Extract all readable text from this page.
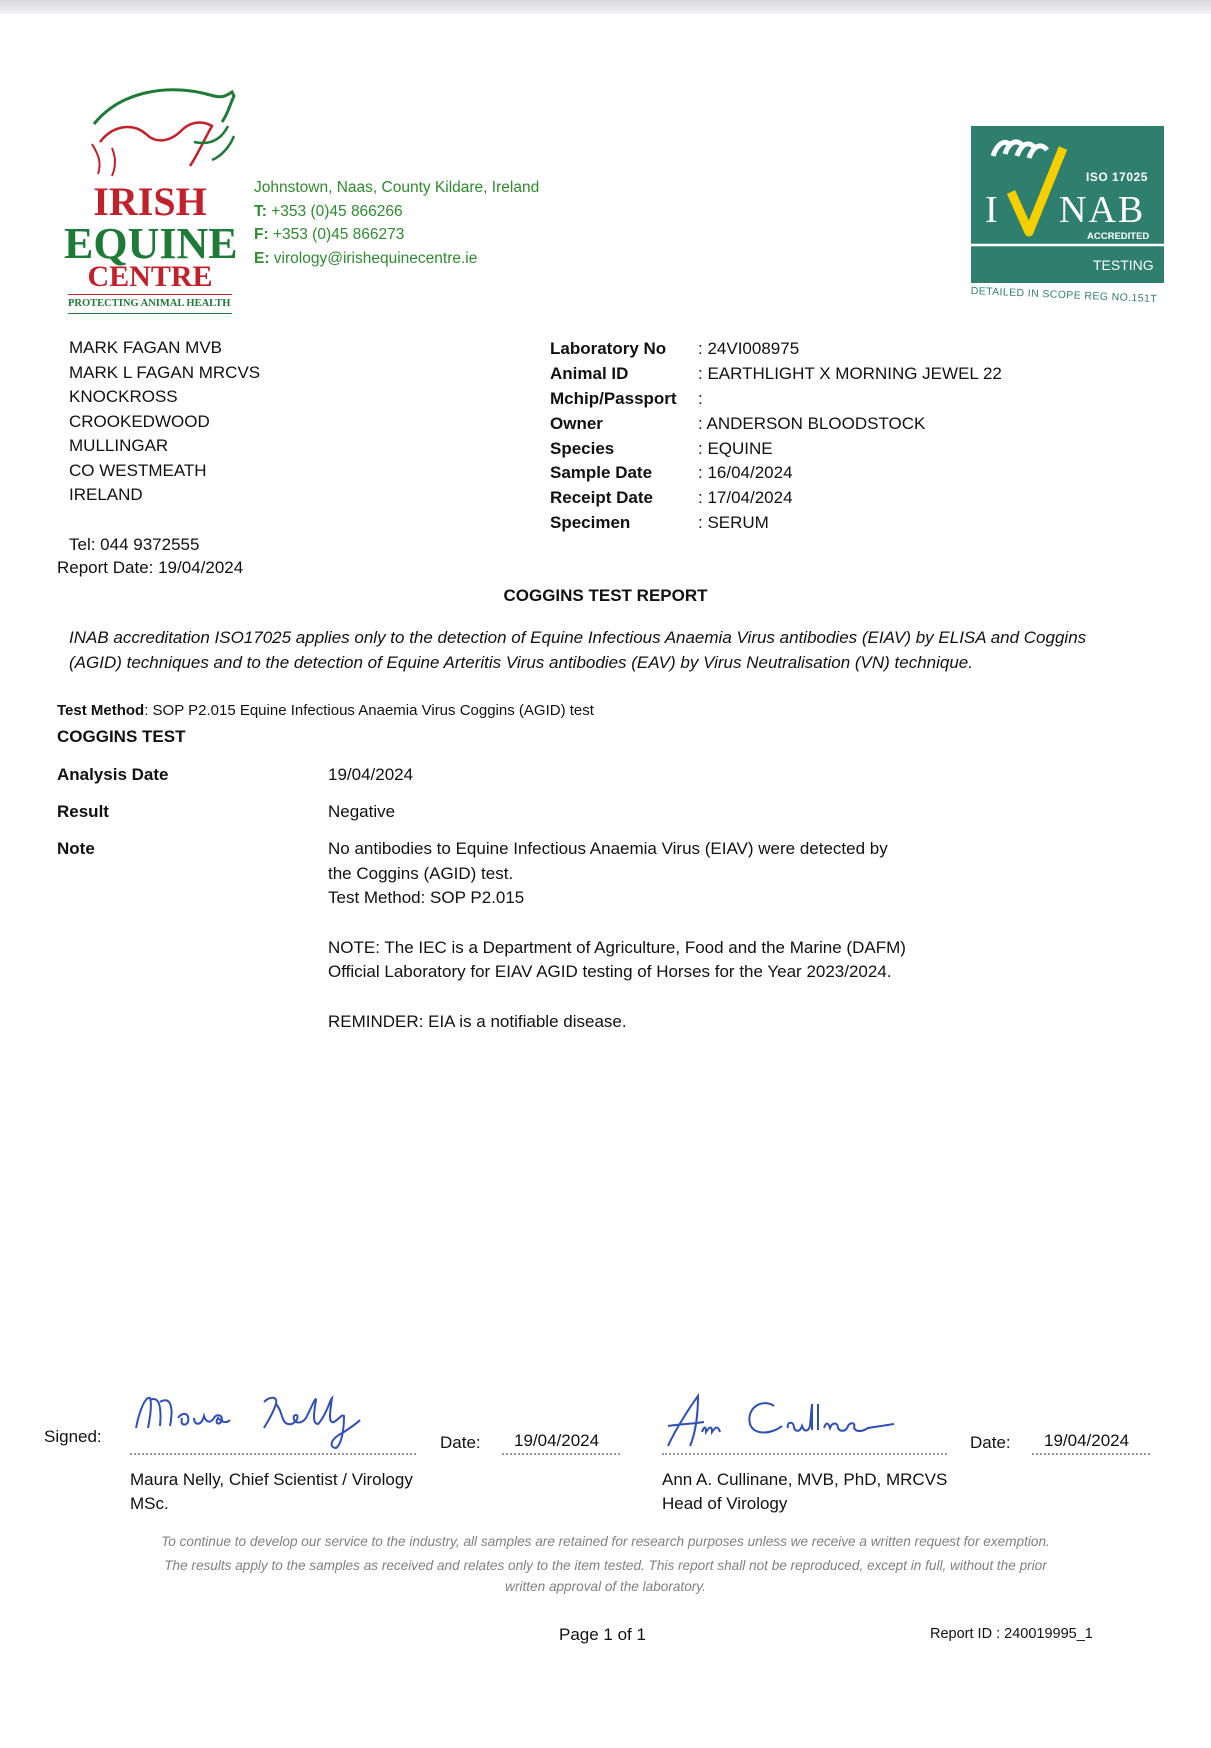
IRISH
EQUINE
CENTRE
PROTECTING ANIMAL HEALTH
Johnstown, Naas, County Kildare, Ireland
T: +353 (0)45 866266
F: +353 (0)45 866273
E: virology@irishequinecentre.ie
ISO 17025
I NAB
ACCREDITED
TESTING
DETAILED IN SCOPE REG NO.151T
MARK FAGAN MVB
MARK L FAGAN MRCVS
KNOCKROSS
CROOKEDWOOD
MULLINGAR
CO WESTMEATH
IRELAND
Tel: 044 9372555
Report Date: 19/04/2024
Laboratory No	: 24VI008975
Animal ID	: EARTHLIGHT X MORNING JEWEL 22
Mchip/Passport	:
Owner	: ANDERSON BLOODSTOCK
Species	: EQUINE
Sample Date	: 16/04/2024
Receipt Date	: 17/04/2024
Specimen	: SERUM
COGGINS TEST REPORT
INAB accreditation ISO17025 applies only to the detection of Equine Infectious Anaemia Virus antibodies (EIAV) by ELISA and Coggins (AGID) techniques and to the detection of Equine Arteritis Virus antibodies (EAV) by Virus Neutralisation (VN) technique.
Test Method: SOP P2.015 Equine Infectious Anaemia Virus Coggins (AGID) test
COGGINS TEST
Analysis Date	19/04/2024
Result	Negative
Note	No antibodies to Equine Infectious Anaemia Virus (EIAV) were detected by
the Coggins (AGID) test.
Test Method: SOP P2.015

NOTE: The IEC is a Department of Agriculture, Food and the Marine (DAFM) Official Laboratory for EIAV AGID testing of Horses for the Year 2023/2024.

REMINDER: EIA is a notifiable disease.

Signed:	Date: 19/04/2024
Maura Nelly, Chief Scientist / Virology
MSc.
Date: 19/04/2024
Ann A. Cullinane, MVB, PhD, MRCVS
Head of Virology
To continue to develop our service to the industry, all samples are retained for research purposes unless we receive a written request for exemption.
The results apply to the samples as received and relates only to the item tested. This report shall not be reproduced, except in full, without the prior
written approval of the laboratory.
Page 1 of 1	Report ID : 240019995_1
